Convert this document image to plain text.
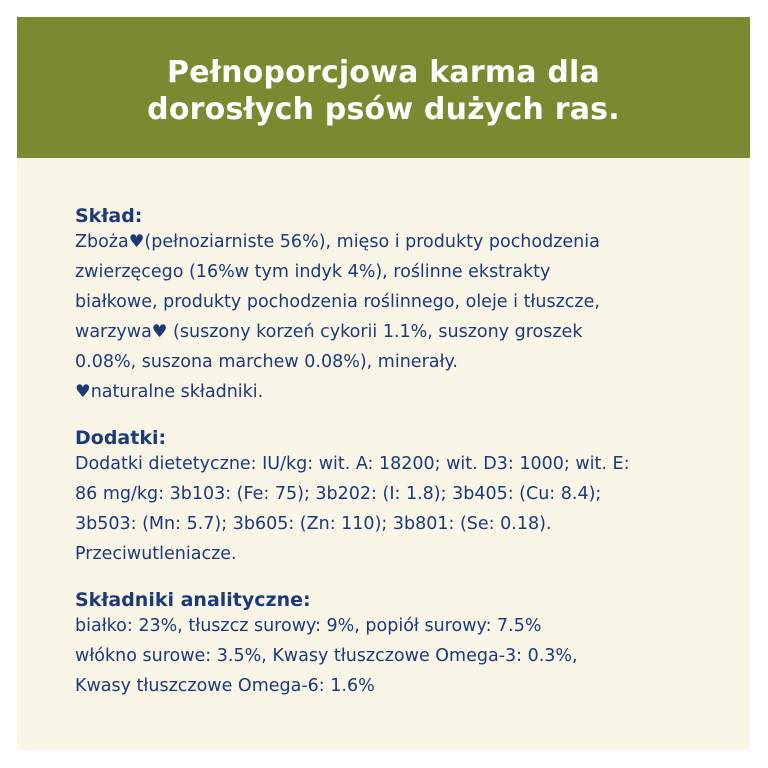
Pełnoporcjowa karma dla dorosłych psów dużych ras.

Skład:

Zboża♥(pełnoziarniste 56%), mięso i produkty pochodzenia
zwierzęcego (16%w tym indyk 4%), roślinne ekstrakty
białkowe, produkty pochodzenia roślinnego, oleje i tłuszcze,
warzywa♥ (suszony korzeń cykorii 1.1%, suszony groszek
0.08%, suszona marchew 0.08%), minerały.
♥naturalne składniki.

Dodatki:

Dodatki dietetyczne: IU/kg: wit. A: 18200; wit. D3: 1000; wit. E:
86 mg/kg: 3b103: (Fe: 75); 3b202: (I: 1.8); 3b405: (Cu: 8.4);
3b503: (Mn: 5.7); 3b605: (Zn: 110); 3b801: (Se: 0.18).
Przeciwutleniacze.

Składniki analityczne:

białko: 23%, tłuszcz surowy: 9%, popiół surowy: 7.5%
włókno surowe: 3.5%, Kwasy tłuszczowe Omega-3: 0.3%,
Kwasy tłuszczowe Omega-6: 1.6%
